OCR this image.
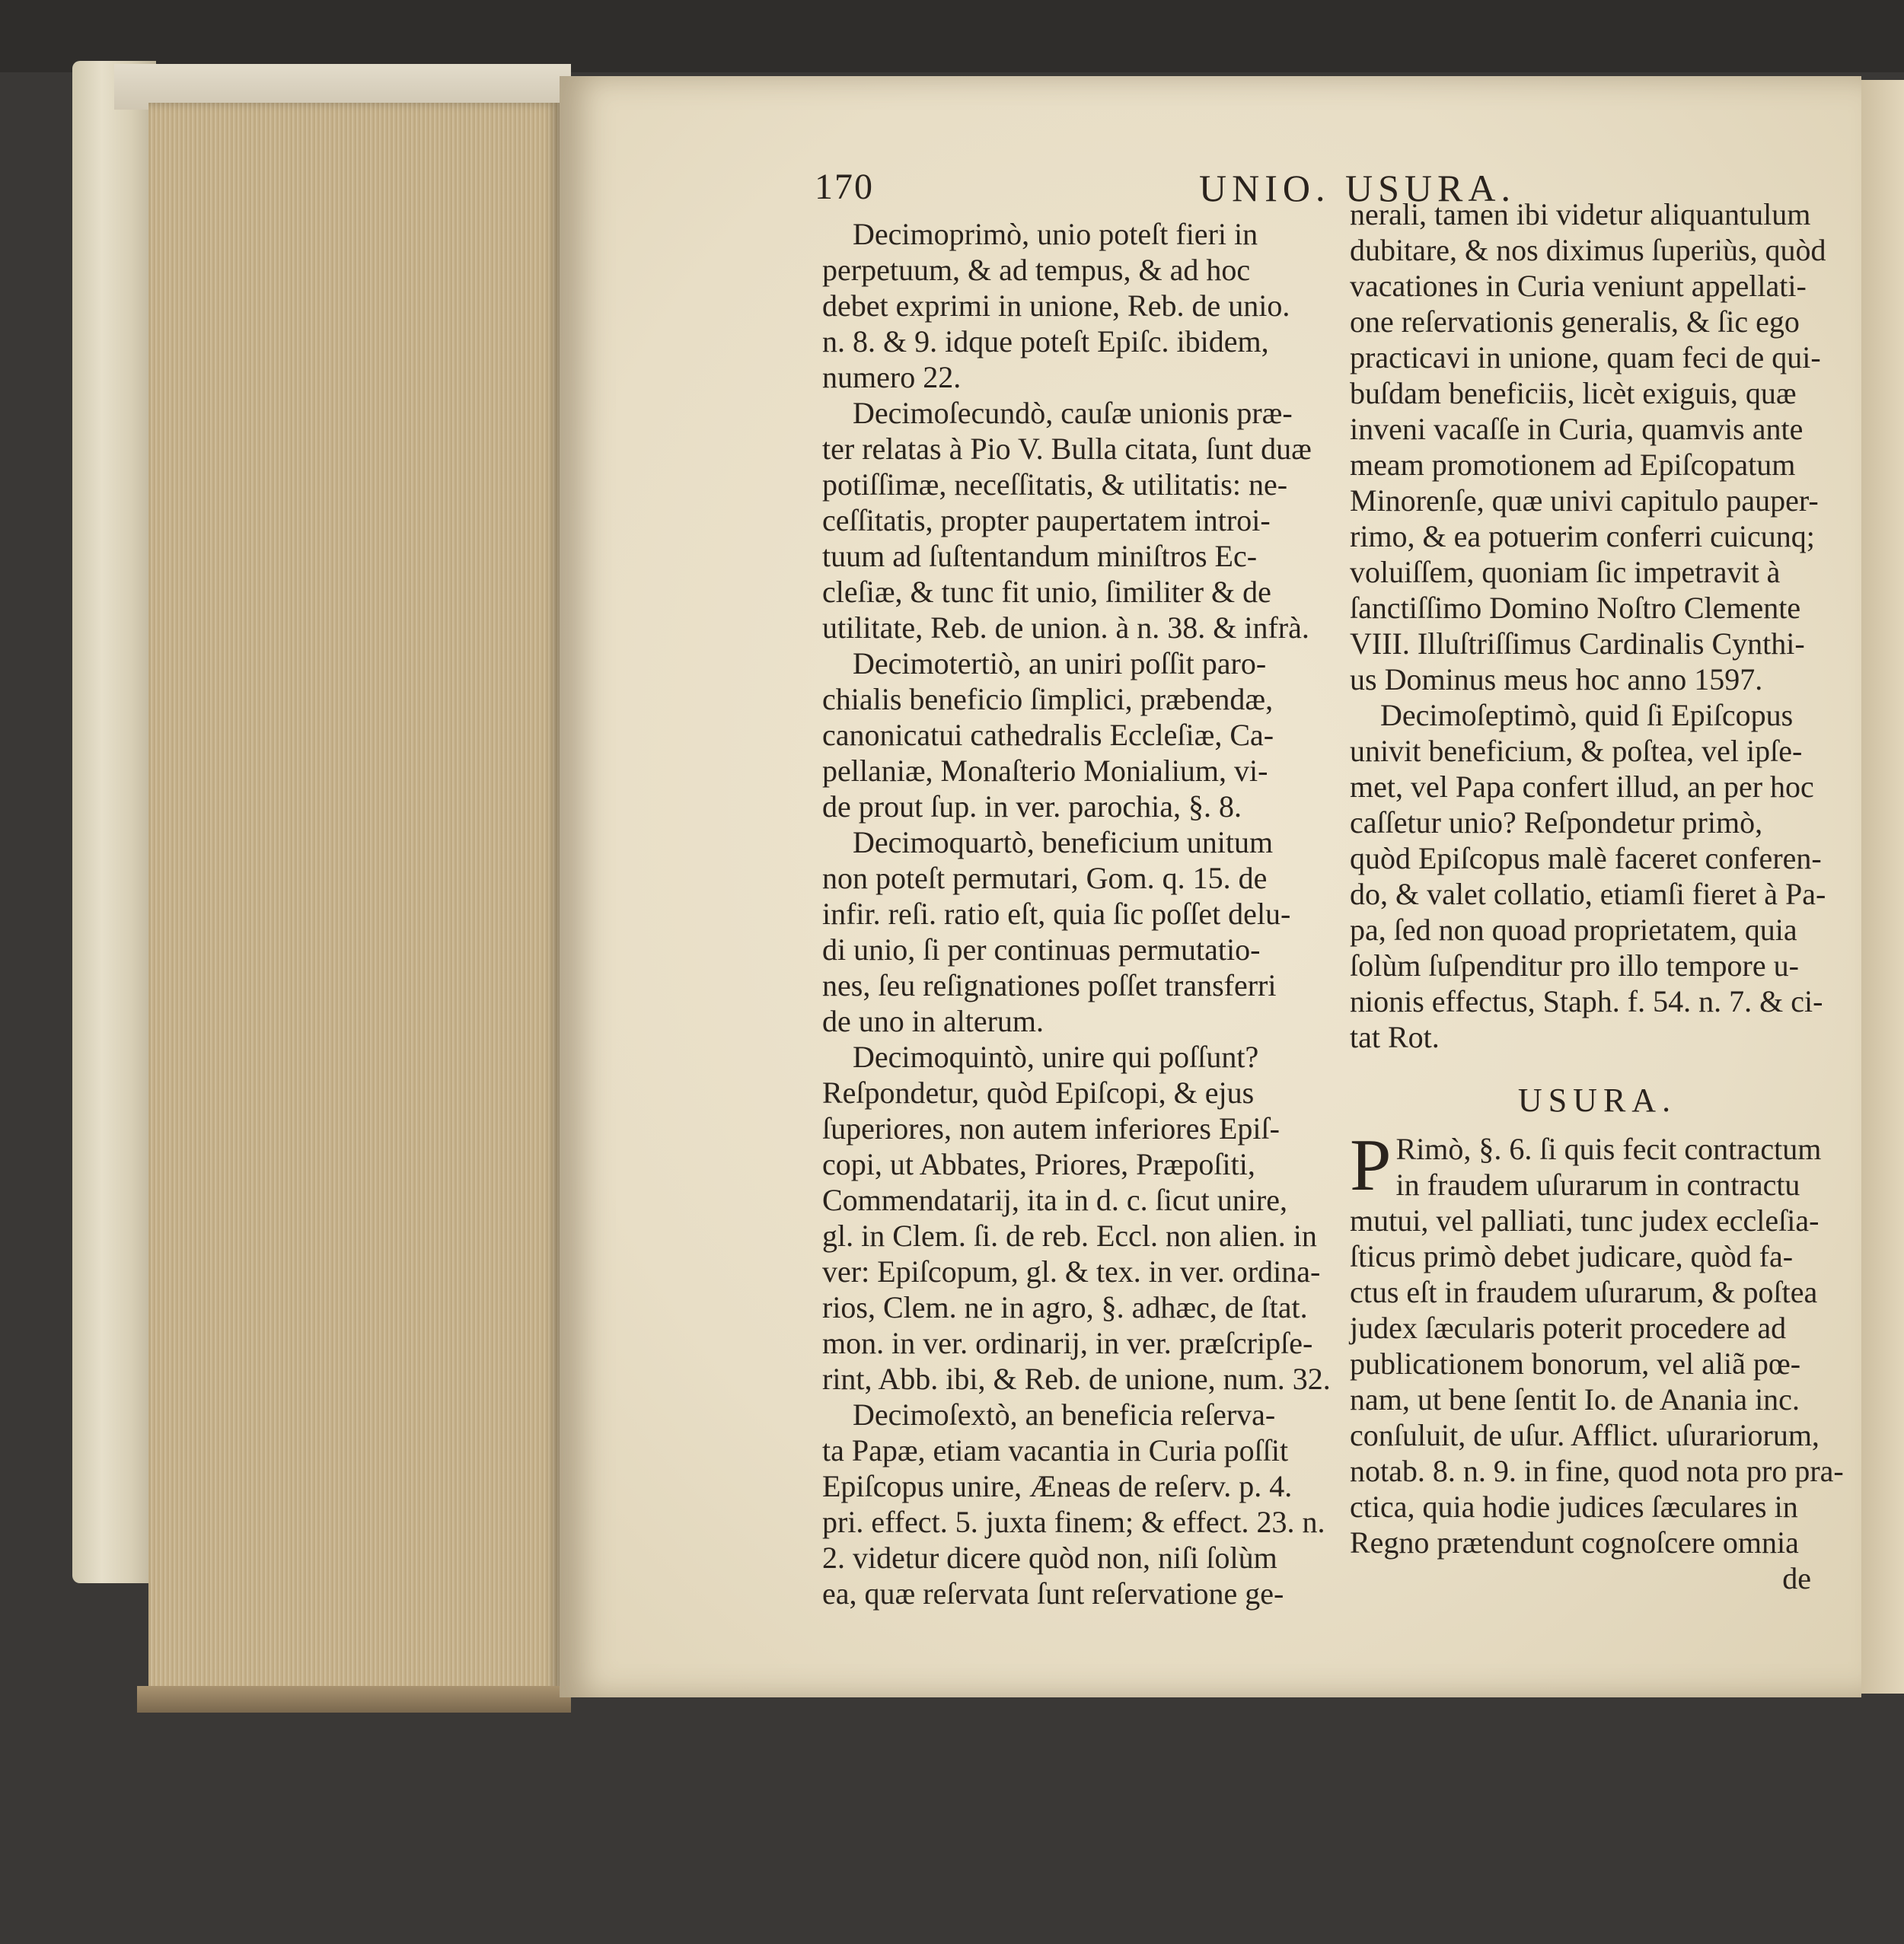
170	UNIO. USURA.
Decimoprimò, unio poteſt fieri in
perpetuum, & ad tempus, & ad hoc
debet exprimi in unione, Reb. de unio.
n. 8. & 9. idque poteſt Epiſc. ibidem,
numero 22.
Decimoſecundò, cauſæ unionis præ-
ter relatas à Pio V. Bulla citata, ſunt duæ
potiſſimæ, neceſſitatis, & utilitatis: ne-
ceſſitatis, propter paupertatem introi-
tuum ad ſuſtentandum miniſtros Ec-
cleſiæ, & tunc fit unio, ſimiliter & de
utilitate, Reb. de union. à n. 38. & infrà.
Decimotertiò, an uniri poſſit paro-
chialis beneficio ſimplici, præbendæ,
canonicatui cathedralis Eccleſiæ, Ca-
pellaniæ, Monaſterio Monialium, vi-
de prout ſup. in ver. parochia, §. 8.
Decimoquartò, beneficium unitum
non poteſt permutari, Gom. q. 15. de
infir. reſi. ratio eſt, quia ſic poſſet delu-
di unio, ſi per continuas permutatio-
nes, ſeu reſignationes poſſet transferri
de uno in alterum.
Decimoquintò, unire qui poſſunt?
Reſpondetur, quòd Epiſcopi, & ejus
ſuperiores, non autem inferiores Epiſ-
copi, ut Abbates, Priores, Præpoſiti,
Commendatarij, ita in d. c. ſicut unire,
gl. in Clem. ſi. de reb. Eccl. non alien. in
ver: Epiſcopum, gl. & tex. in ver. ordina-
rios, Clem. ne in agro, §. adhæc, de ſtat.
mon. in ver. ordinarij, in ver. præſcripſe-
rint, Abb. ibi, & Reb. de unione, num. 32.
Decimoſextò, an beneficia reſerva-
ta Papæ, etiam vacantia in Curia poſſit
Epiſcopus unire, Æneas de reſerv. p. 4.
pri. effect. 5. juxta finem; & effect. 23. n.
2. videtur dicere quòd non, niſi ſolùm
ea, quæ reſervata ſunt reſervatione ge-
nerali, tamen ibi videtur aliquantulum
dubitare, & nos diximus ſuperiùs, quòd
vacationes in Curia veniunt appellati-
one reſervationis generalis, & ſic ego
practicavi in unione, quam feci de qui-
buſdam beneficiis, licèt exiguis, quæ
inveni vacaſſe in Curia, quamvis ante
meam promotionem ad Epiſcopatum
Minorenſe, quæ univi capitulo pauper-
rimo, & ea potuerim conferri cuicunq;
voluiſſem, quoniam ſic impetravit à
ſanctiſſimo Domino Noſtro Clemente
VIII. Illuſtriſſimus Cardinalis Cynthi-
us Dominus meus hoc anno 1597.
Decimoſeptimò, quid ſi Epiſcopus
univit beneficium, & poſtea, vel ipſe-
met, vel Papa confert illud, an per hoc
caſſetur unio? Reſpondetur primò,
quòd Epiſcopus malè faceret conferen-
do, & valet collatio, etiamſi fieret à Pa-
pa, ſed non quoad proprietatem, quia
ſolùm ſuſpenditur pro illo tempore u-
nionis effectus, Staph. f. 54. n. 7. & ci-
tat Rot.
USURA.
P Rimò, §. 6. ſi quis fecit contractum
in fraudem uſurarum in contractu
mutui, vel palliati, tunc judex eccleſia-
ſticus primò debet judicare, quòd fa-
ctus eſt in fraudem uſurarum, & poſtea
judex ſæcularis poterit procedere ad
publicationem bonorum, vel aliã pœ-
nam, ut bene ſentit Io. de Anania inc.
conſuluit, de uſur. Afflict. uſurariorum,
notab. 8. n. 9. in fine, quod nota pro pra-
ctica, quia hodie judices ſæculares in
Regno prætendunt cognoſcere omnia
de
